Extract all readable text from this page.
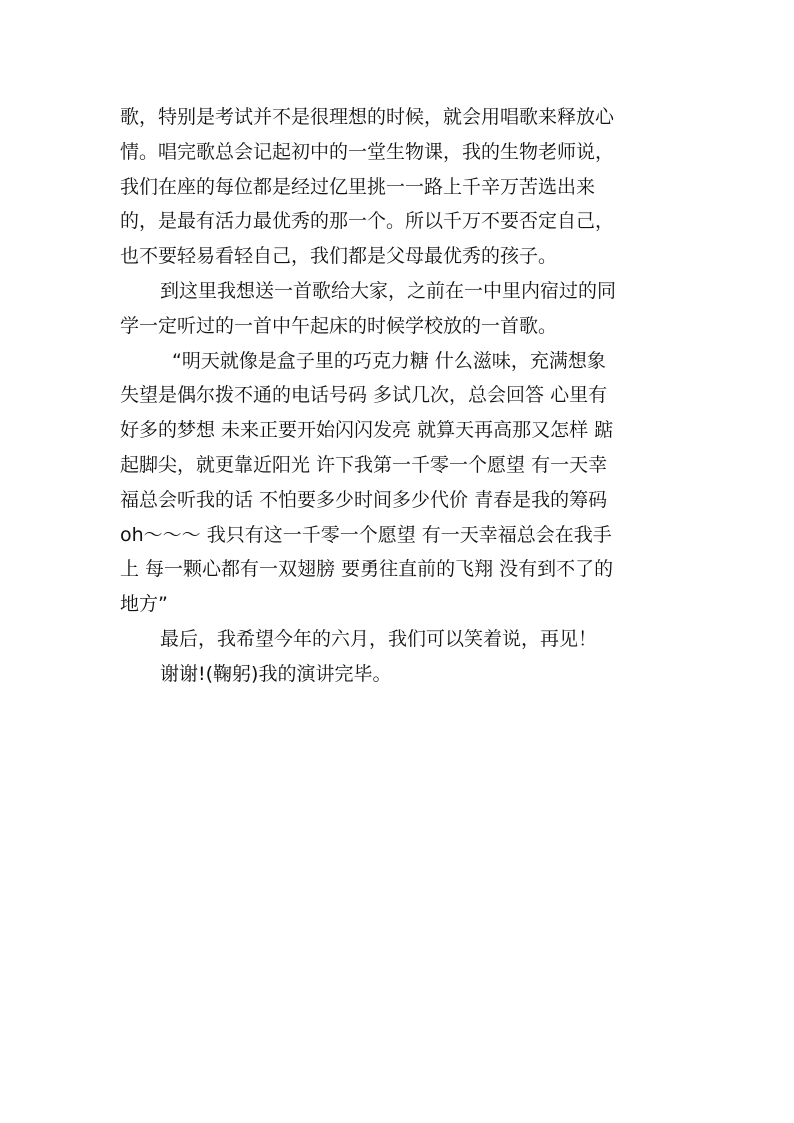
歌，特别是考试并不是很理想的时候，就会用唱歌来释放心
情。唱完歌总会记起初中的一堂生物课，我的生物老师说，
我们在座的每位都是经过亿里挑一一路上千辛万苦选出来
的，是最有活力最优秀的那一个。所以千万不要否定自己，
也不要轻易看轻自己，我们都是父母最优秀的孩子。
到这里我想送一首歌给大家，之前在一中里内宿过的同
学一定听过的一首中午起床的时候学校放的一首歌。
“明天就像是盒子里的巧克力糖 什么滋味，充满想象
失望是偶尔拨不通的电话号码 多试几次，总会回答 心里有
好多的梦想 未来正要开始闪闪发亮 就算天再高那又怎样 踮
起脚尖，就更靠近阳光 许下我第一千零一个愿望 有一天幸
福总会听我的话 不怕要多少时间多少代价 青春是我的筹码
oh～～～ 我只有这一千零一个愿望 有一天幸福总会在我手
上 每一颗心都有一双翅膀 要勇往直前的飞翔 没有到不了的
地方”
最后，我希望今年的六月，我们可以笑着说，再见！
谢谢!(鞠躬)我的演讲完毕。
